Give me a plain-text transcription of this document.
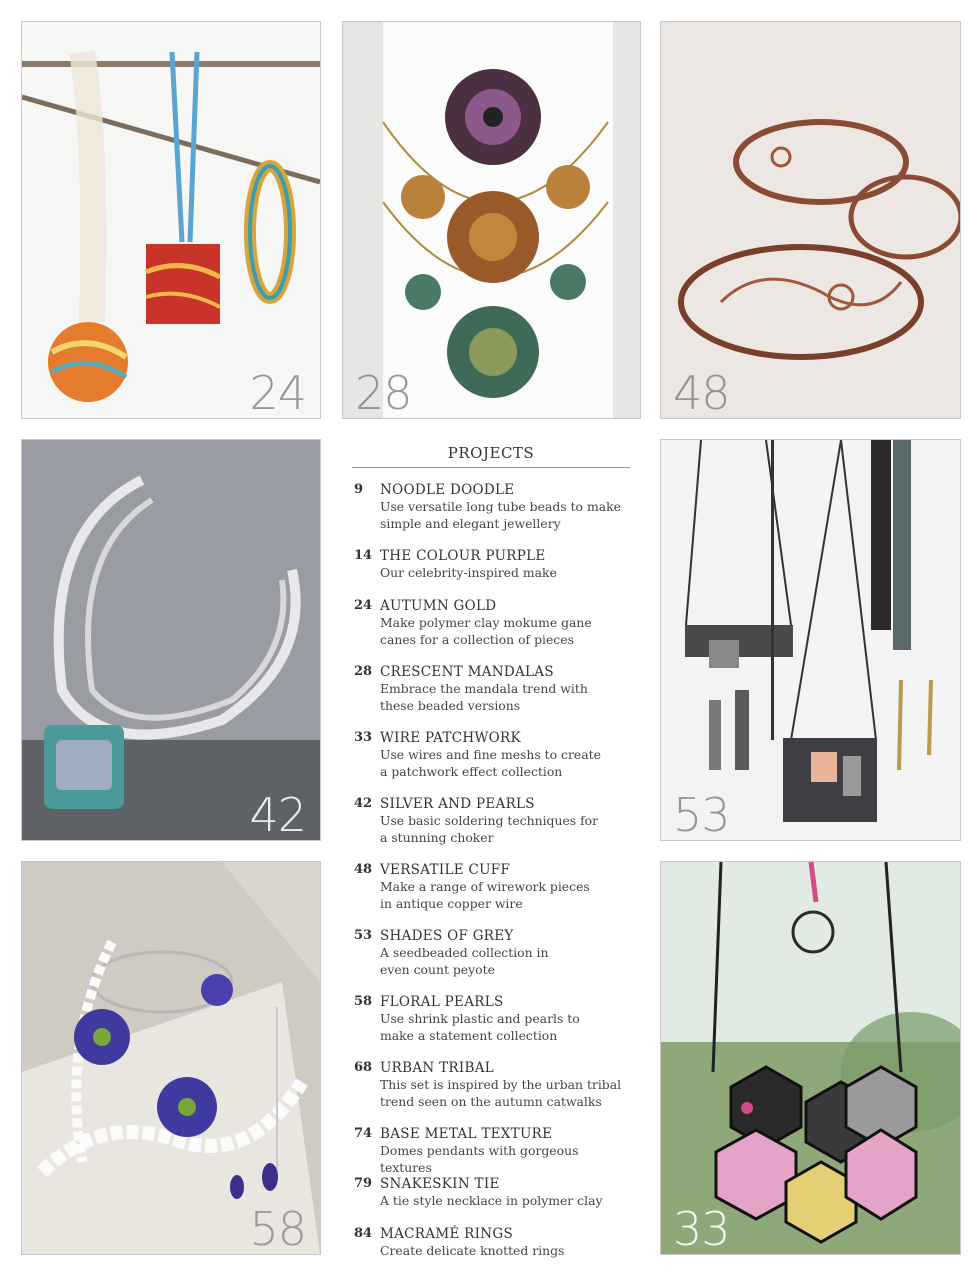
24 28	48
42
PROJECTS
9 NOODLE DOODLE
Use versatile long tube beads to make
simple and elegant jewellery
14 THE COLOUR PURPLE
Our celebrity-inspired make
24 AUTUMN GOLD
Make polymer clay mokume gane
canes for a collection of pieces
28 CRESCENT MANDALAS
Embrace the mandala trend with
these beaded versions
33 WIRE PATCHWORK
Use wires and fine meshs to create
a patchwork effect collection
42 SILVER AND PEARLS
Use basic soldering techniques for
a stunning choker
48 VERSATILE CUFF
Make a range of wirework pieces
in antique copper wire
53 SHADES OF GREY
A seedbeaded collection in
even count peyote
58 FLORAL PEARLS
Use shrink plastic and pearls to
make a statement collection
68 URBAN TRIBAL
This set is inspired by the urban tribal
trend seen on the autumn catwalks
74 BASE METAL TEXTURE
Domes pendants with gorgeous textures
79 SNAKESKIN TIE
A tie style necklace in polymer clay
84 MACRAMÉ RINGS
Create delicate knotted rings
53
58	33
